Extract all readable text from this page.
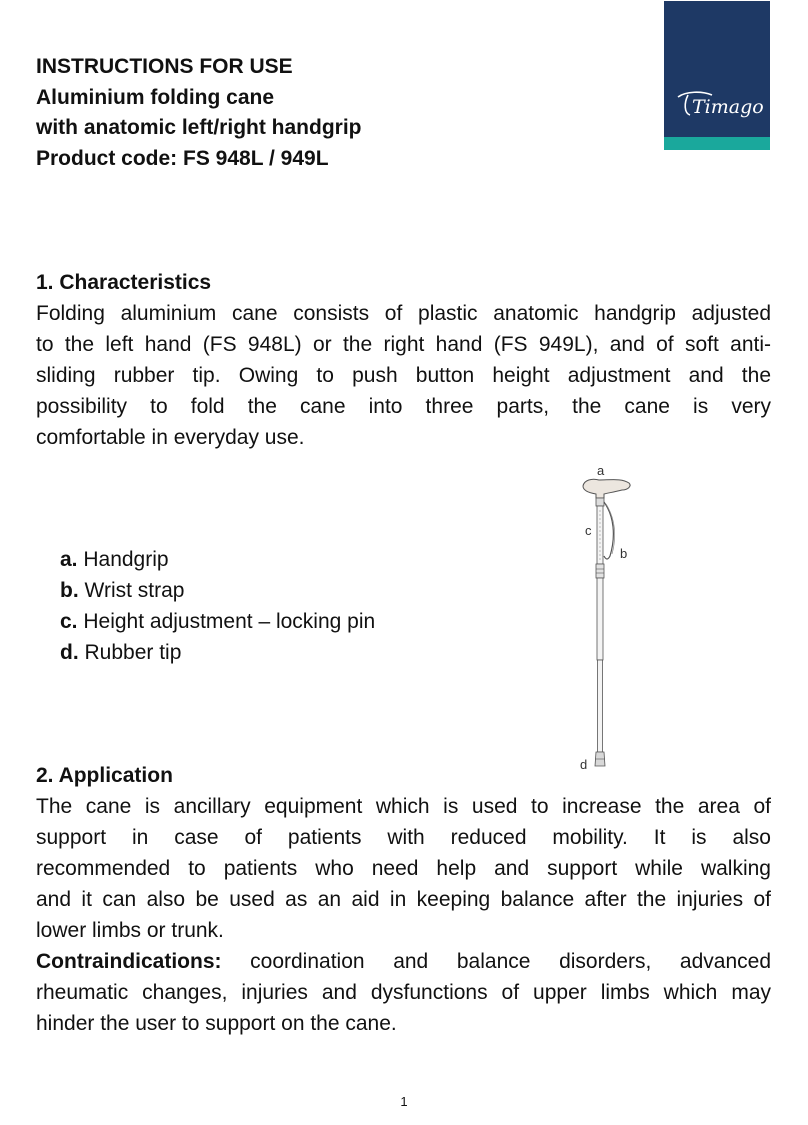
INSTRUCTIONS FOR USE
Aluminium folding cane
with anatomic left/right handgrip
Product code: FS 948L / 949L
Timago
1. Characteristics
Folding aluminium cane consists of plastic anatomic handgrip adjusted
to the left hand (FS 948L) or the right hand (FS 949L), and of soft anti-
sliding rubber tip. Owing to push button height adjustment and the
possibility to fold the cane into three parts, the cane is very
comfortable in everyday use.
a. Handgrip
b. Wrist strap
c. Height adjustment – locking pin
d. Rubber tip
a
b
c
d
2. Application
The cane is ancillary equipment which is used to increase the area of
support in case of patients with reduced mobility. It is also
recommended to patients who need help and support while walking
and it can also be used as an aid in keeping balance after the injuries of
lower limbs or trunk.
Contraindications: coordination and balance disorders, advanced
rheumatic changes, injuries and dysfunctions of upper limbs which may
hinder the user to support on the cane.
1
